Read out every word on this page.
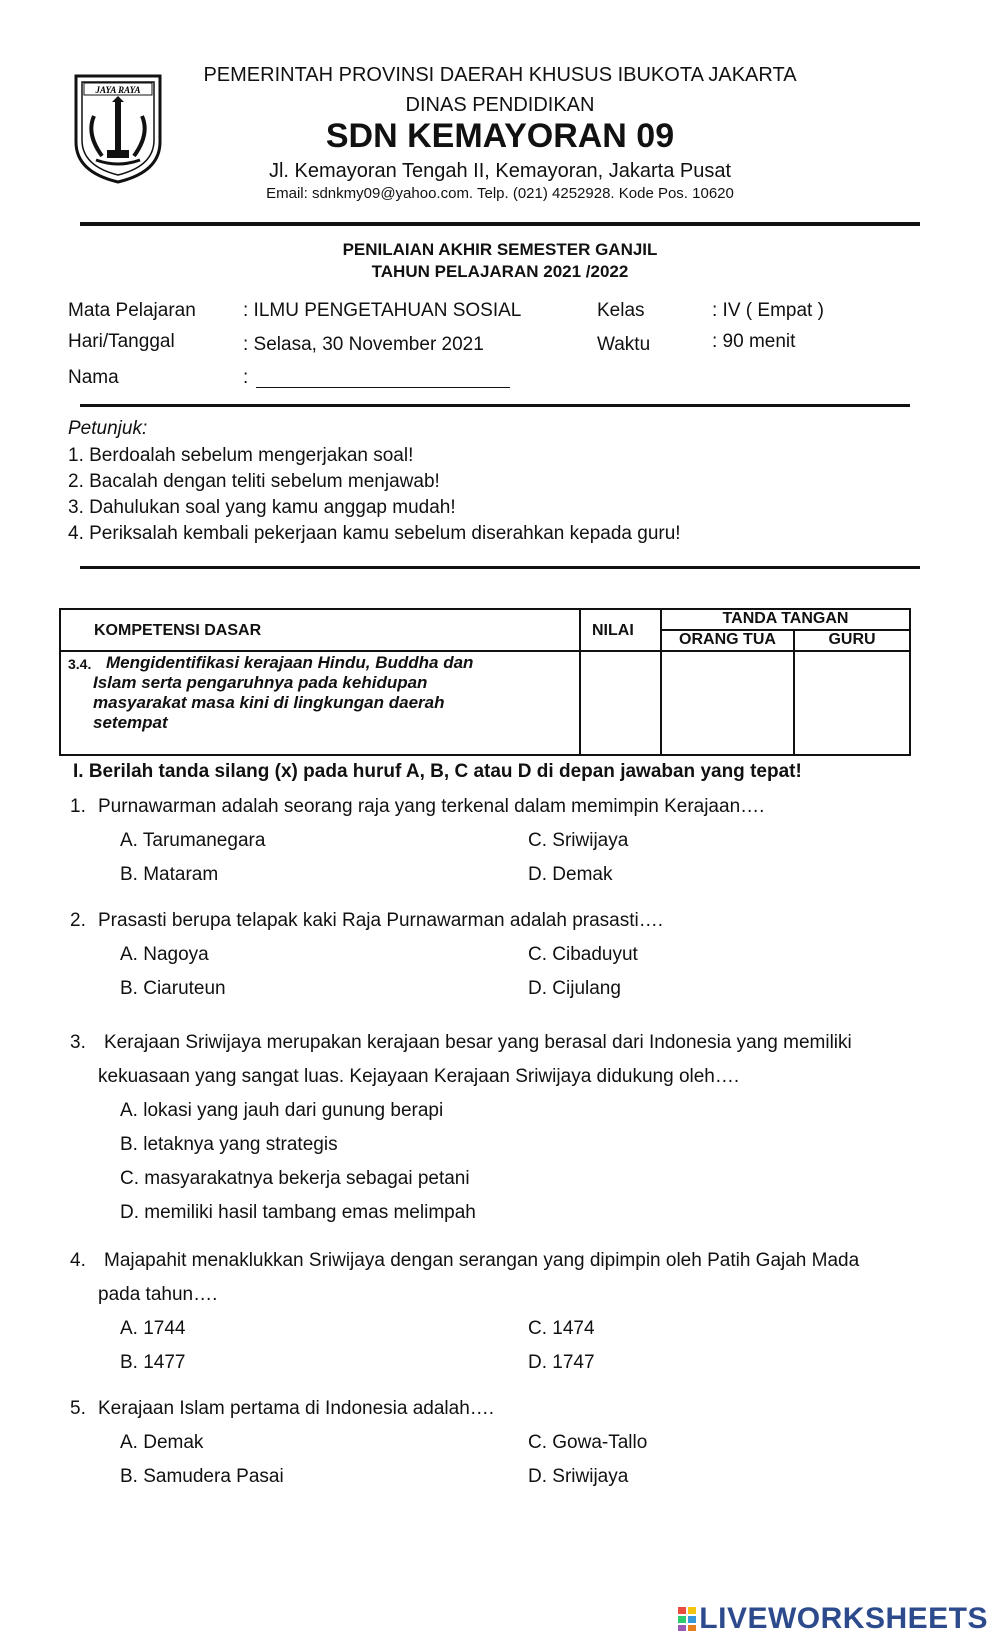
JAYA RAYA
PEMERINTAH PROVINSI DAERAH KHUSUS IBUKOTA JAKARTA
DINAS PENDIDIKAN
SDN KEMAYORAN 09
Jl. Kemayoran Tengah II, Kemayoran, Jakarta Pusat
Email: sdnkmy09@yahoo.com. Telp. (021) 4252928. Kode Pos. 10620
PENILAIAN AKHIR SEMESTER GANJIL
TAHUN PELAJARAN 2021 /2022
Mata Pelajaran : ILMU PENGETAHUAN SOSIAL	Kelas	: IV ( Empat )
Hari/Tanggal	: Selasa, 30 November 2021	Waktu	: 90 menit
Nama	:
Petunjuk:
1. Berdoalah sebelum mengerjakan soal!
2. Bacalah dengan teliti sebelum menjawab!
3. Dahulukan soal yang kamu anggap mudah!
4. Periksalah kembali pekerjaan kamu sebelum diserahkan kepada guru!
KOMPETENSI DASAR	NILAI
TANDA TANGAN
ORANG TUA	GURU
3.4. Mengidentifikasi kerajaan Hindu, Buddha dan
Islam serta pengaruhnya pada kehidupan
masyarakat masa kini di lingkungan daerah
setempat
I. Berilah tanda silang (x) pada huruf A, B, C atau D di depan jawaban yang tepat!
1. Purnawarman adalah seorang raja yang terkenal dalam memimpin Kerajaan….
A. Tarumanegara	C. Sriwijaya
B. Mataram	D. Demak
2. Prasasti berupa telapak kaki Raja Purnawarman adalah prasasti….
A. Nagoya	C. Cibaduyut
B. Ciaruteun	D. Cijulang
3. Kerajaan Sriwijaya merupakan kerajaan besar yang berasal dari Indonesia yang memiliki
kekuasaan yang sangat luas. Kejayaan Kerajaan Sriwijaya didukung oleh….
A. lokasi yang jauh dari gunung berapi
B. letaknya yang strategis
C. masyarakatnya bekerja sebagai petani
D. memiliki hasil tambang emas melimpah
4. Majapahit menaklukkan Sriwijaya dengan serangan yang dipimpin oleh Patih Gajah Mada
pada tahun….
A. 1744	C. 1474
B. 1477	D. 1747
5. Kerajaan Islam pertama di Indonesia adalah….
A. Demak	C. Gowa-Tallo
B. Samudera Pasai	D. Sriwijaya
LIVEWORKSHEETS
